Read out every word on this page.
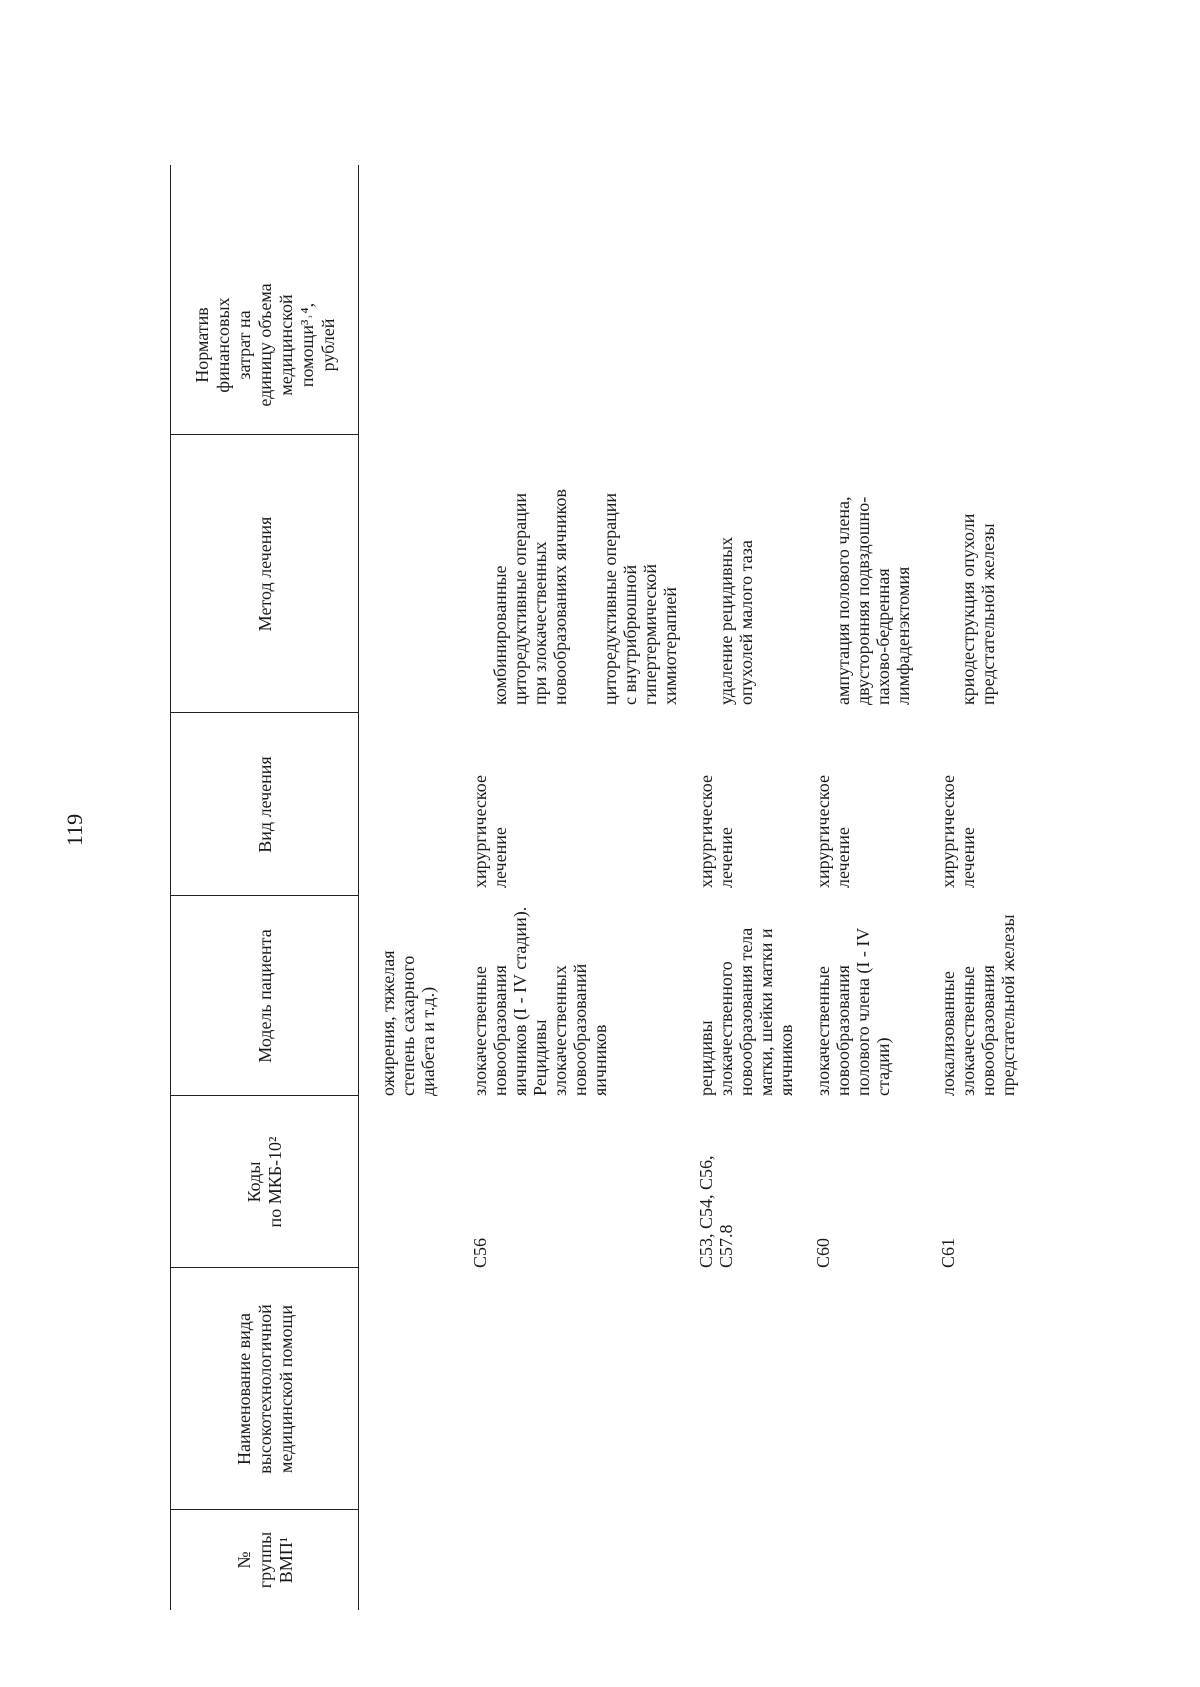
119
№
группы
ВМП¹
Наименование вида
высокотехнологичной
медицинской помощи
Коды
по МКБ-10²
Модель пациента
Вид лечения
Метод лечения
Норматив
финансовых
затрат на
единицу объема
медицинской
помощи³˒⁴,
рублей
ожирения, тяжелая
степень сахарного
диабета и т.д.)
C56
злокачественные
новообразования
яичников (I - IV стадии).
Рецидивы
злокачественных
новообразований
яичников
хирургическое
лечение

комбинированные
циторедуктивные операции
при злокачественных
новообразованиях яичников

циторедуктивные операции
с внутрибрюшной
гипертермической
химиотерапией

C53, C54, C56,
C57.8
рецидивы
злокачественного
новообразования тела
матки, шейки матки и
яичников
хирургическое
лечение

удаление рецидивных
опухолей малого таза

C60
злокачественные
новообразования
полового члена (I - IV
стадии)
хирургическое
лечение

ампутация полового члена,
двусторонняя подвздошно-
пахово-бедренная
лимфаденэктомия

C61
локализованные
злокачественные
новообразования
предстательной железы
хирургическое
лечение

криодеструкция опухоли
предстательной железы
